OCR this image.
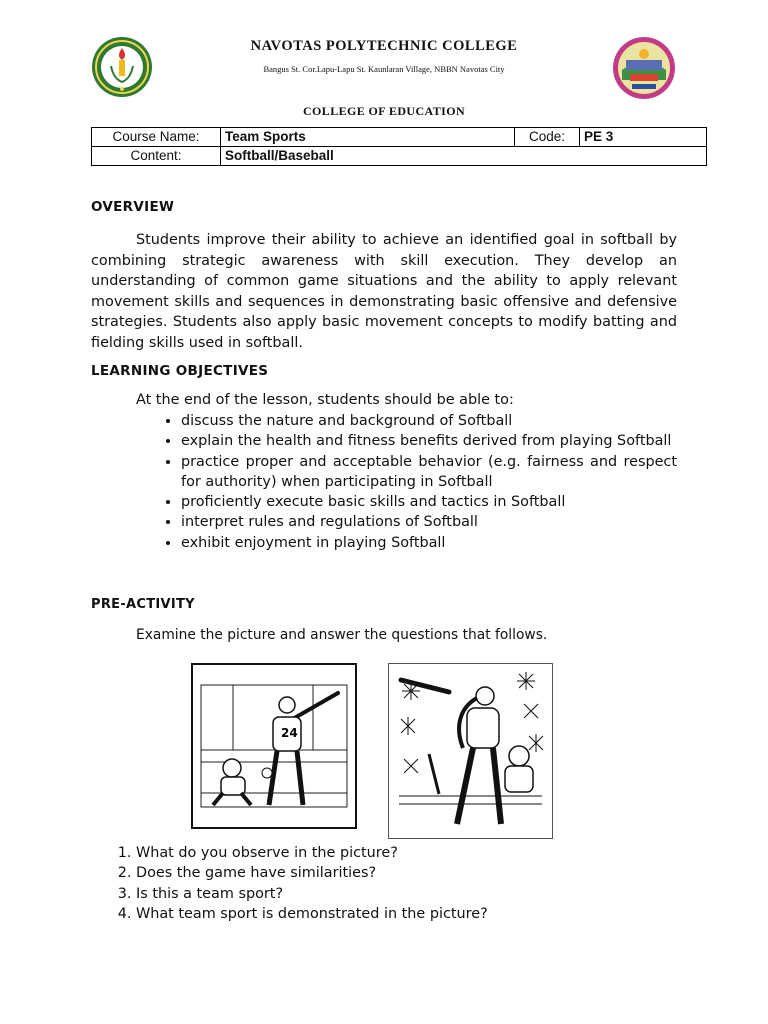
NAVOTAS POLYTECHNIC COLLEGE
Bangus St. Cor.Lapu-Lapu St. Kaunlaran Village, NBBN Navotas City
COLLEGE OF EDUCATION
Course Name:	Team Sports	Code:	PE 3
Content:	Softball/Baseball		
OVERVIEW

Students improve their ability to achieve an identified goal in softball by combining strategic awareness with skill execution. They develop an understanding of common game situations and the ability to apply relevant movement skills and sequences in demonstrating basic offensive and defensive strategies. Students also apply basic movement concepts to modify batting and fielding skills used in softball.

LEARNING OBJECTIVES
At the end of the lesson, students should be able to:
• discuss the nature and background of Softball
• explain the health and fitness benefits derived from playing Softball
• practice proper and acceptable behavior (e.g. fairness and respect for authority) when participating in Softball
• proficiently execute basic skills and tactics in Softball
• interpret rules and regulations of Softball
• exhibit enjoyment in playing Softball
PRE-ACTIVITY
Examine the picture and answer the questions that follows.
24
1. What do you observe in the picture?
2. Does the game have similarities?
3. Is this a team sport?
4. What team sport is demonstrated in the picture?
